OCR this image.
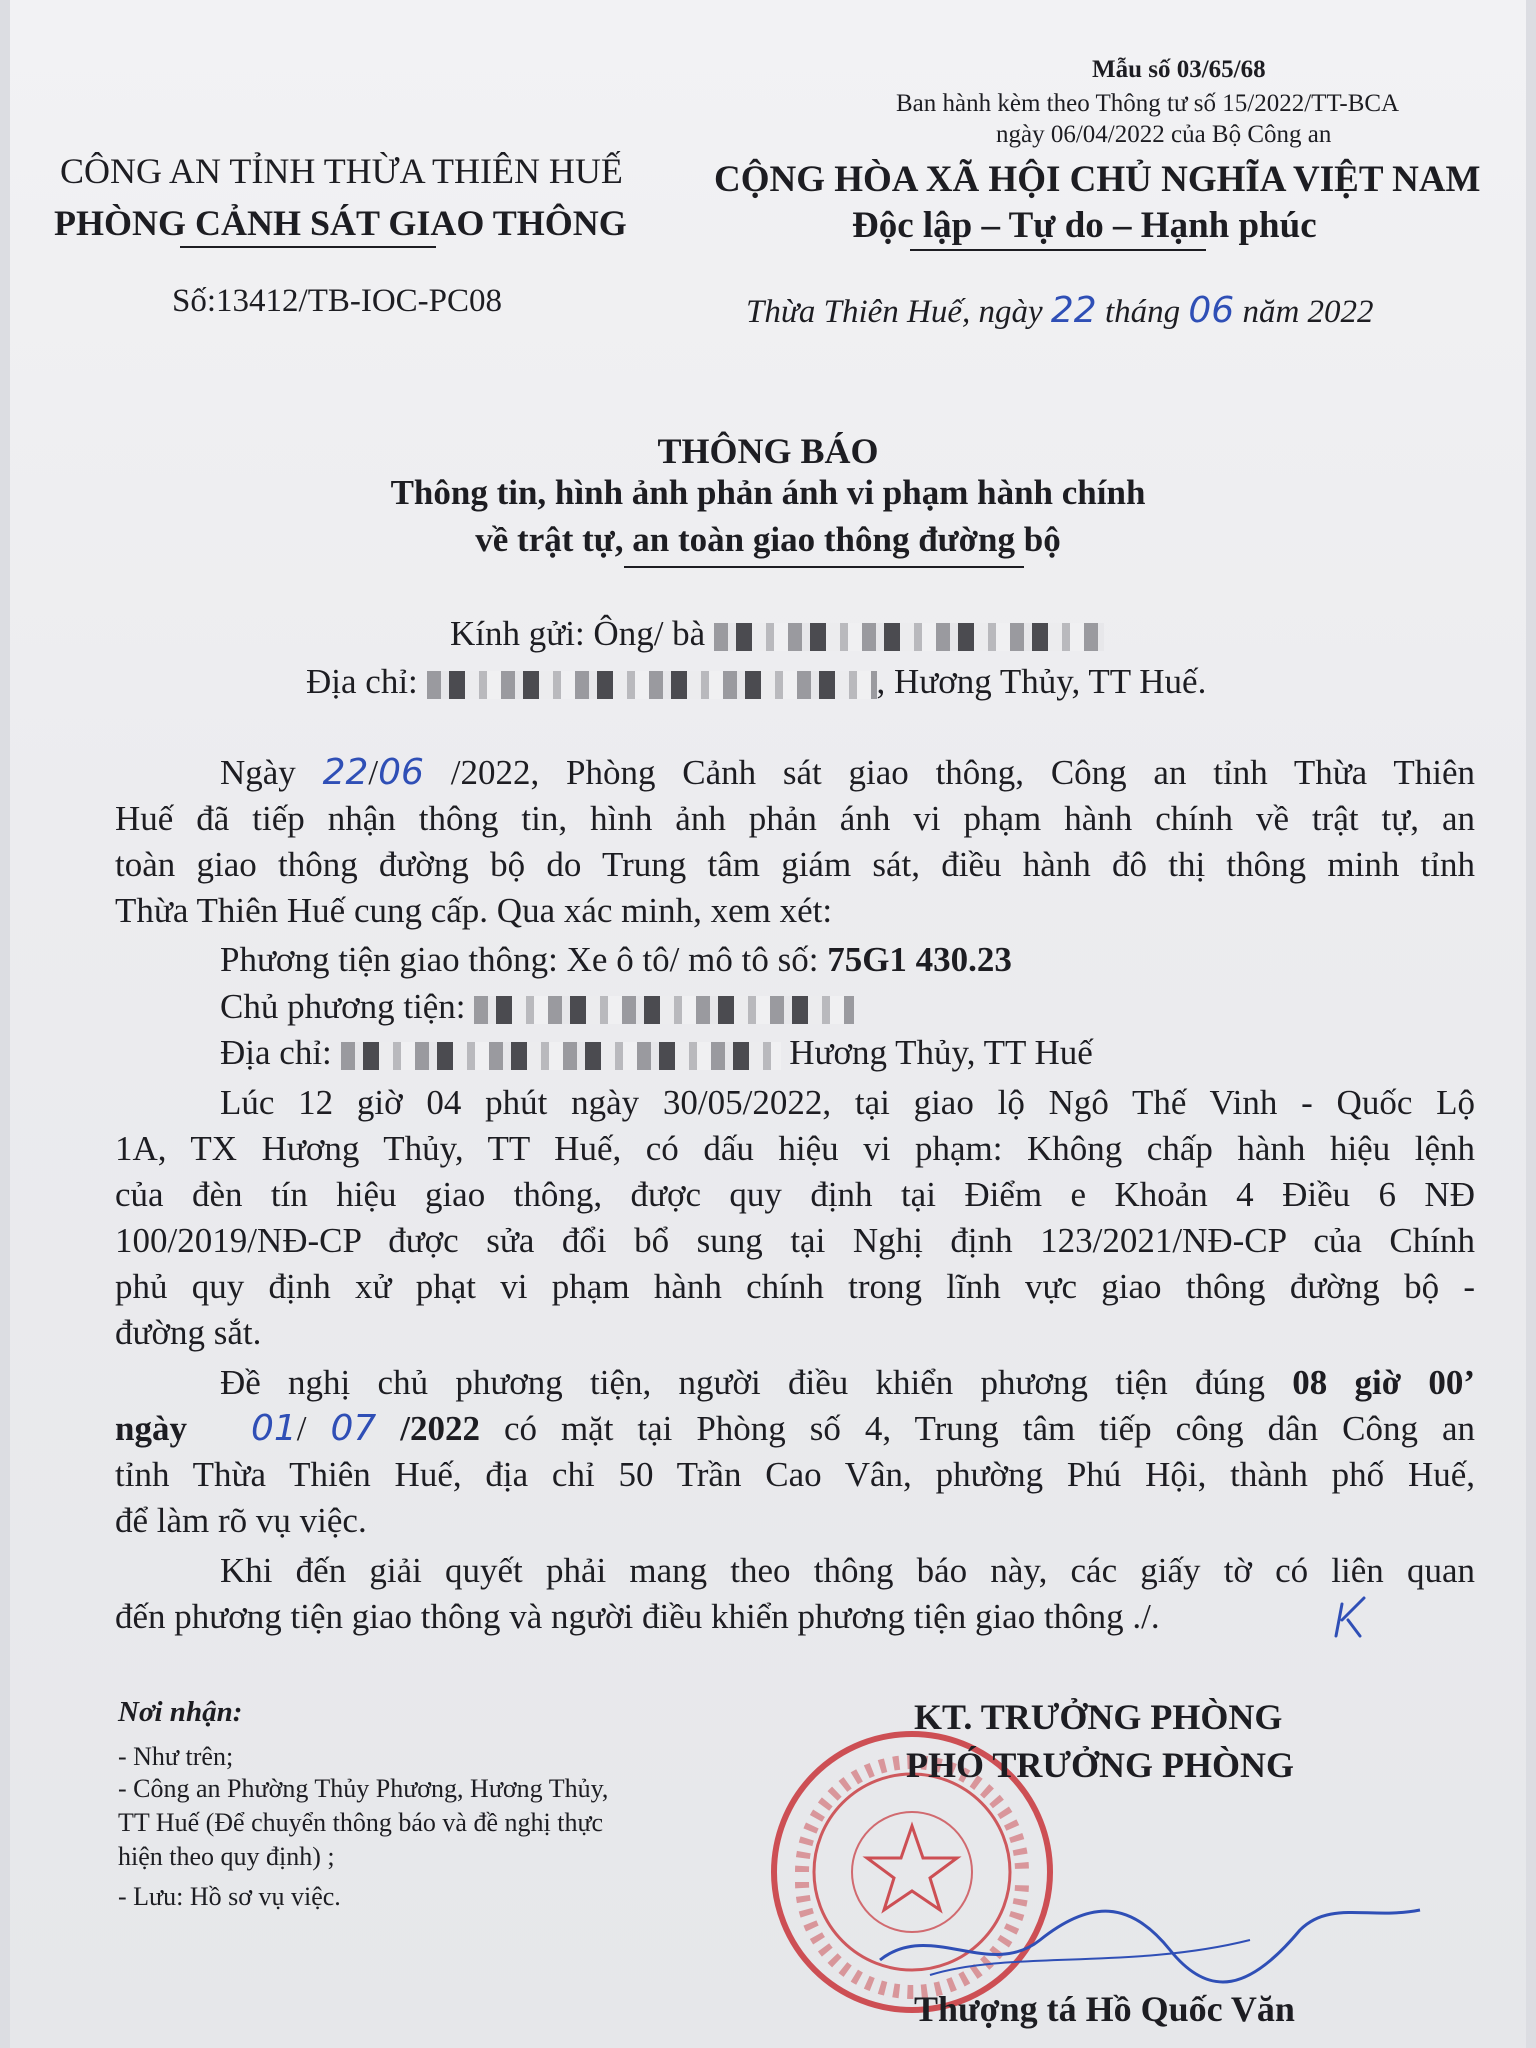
Mẫu số 03/65/68
Ban hành kèm theo Thông tư số 15/2022/TT-BCA
ngày 06/04/2022 của Bộ Công an
CÔNG AN TỈNH THỪA THIÊN HUẾ
PHÒNG CẢNH SÁT GIAO THÔNG
Số:13412/TB-IOC-PC08
CỘNG HÒA XÃ HỘI CHỦ NGHĨA VIỆT NAM
Độc lập – Tự do – Hạnh phúc
Thừa Thiên Huế, ngày 22 tháng 06 năm 2022
THÔNG BÁO
Thông tin, hình ảnh phản ánh vi phạm hành chính
về trật tự, an toàn giao thông đường bộ
Kính gửi: Ông/ bà
Địa chỉ:	, Hương Thủy, TT Huế.
Ngày 22/06 /2022, Phòng Cảnh sát giao thông, Công an tỉnh Thừa Thiên
Huế đã tiếp nhận thông tin, hình ảnh phản ánh vi phạm hành chính về trật tự, an
toàn giao thông đường bộ do Trung tâm giám sát, điều hành đô thị thông minh tỉnh
Thừa Thiên Huế cung cấp. Qua xác minh, xem xét:
Phương tiện giao thông: Xe ô tô/ mô tô số: 75G1 430.23
Chủ phương tiện:
Địa chỉ:	Hương Thủy, TT Huế
Lúc 12 giờ 04 phút ngày 30/05/2022, tại giao lộ Ngô Thế Vinh - Quốc Lộ
1A, TX Hương Thủy, TT Huế, có dấu hiệu vi phạm: Không chấp hành hiệu lệnh
của đèn tín hiệu giao thông, được quy định tại Điểm e Khoản 4 Điều 6 NĐ
100/2019/NĐ-CP được sửa đổi bổ sung tại Nghị định 123/2021/NĐ-CP của Chính
phủ quy định xử phạt vi phạm hành chính trong lĩnh vực giao thông đường bộ -
đường sắt.
Đề nghị chủ phương tiện, người điều khiển phương tiện đúng 08 giờ 00’
ngày 01/ 07 /2022 có mặt tại Phòng số 4, Trung tâm tiếp công dân Công an
tỉnh Thừa Thiên Huế, địa chỉ 50 Trần Cao Vân, phường Phú Hội, thành phố Huế,
để làm rõ vụ việc.
Khi đến giải quyết phải mang theo thông báo này, các giấy tờ có liên quan
đến phương tiện giao thông và người điều khiển phương tiện giao thông ./.
Nơi nhận:
- Như trên;
- Công an Phường Thủy Phương, Hương Thủy,
TT Huế (Để chuyển thông báo và đề nghị thực
hiện theo quy định) ;
- Lưu: Hồ sơ vụ việc.
KT. TRƯỞNG PHÒNG
PHÓ TRƯỞNG PHÒNG
Thượng tá Hồ Quốc Văn
